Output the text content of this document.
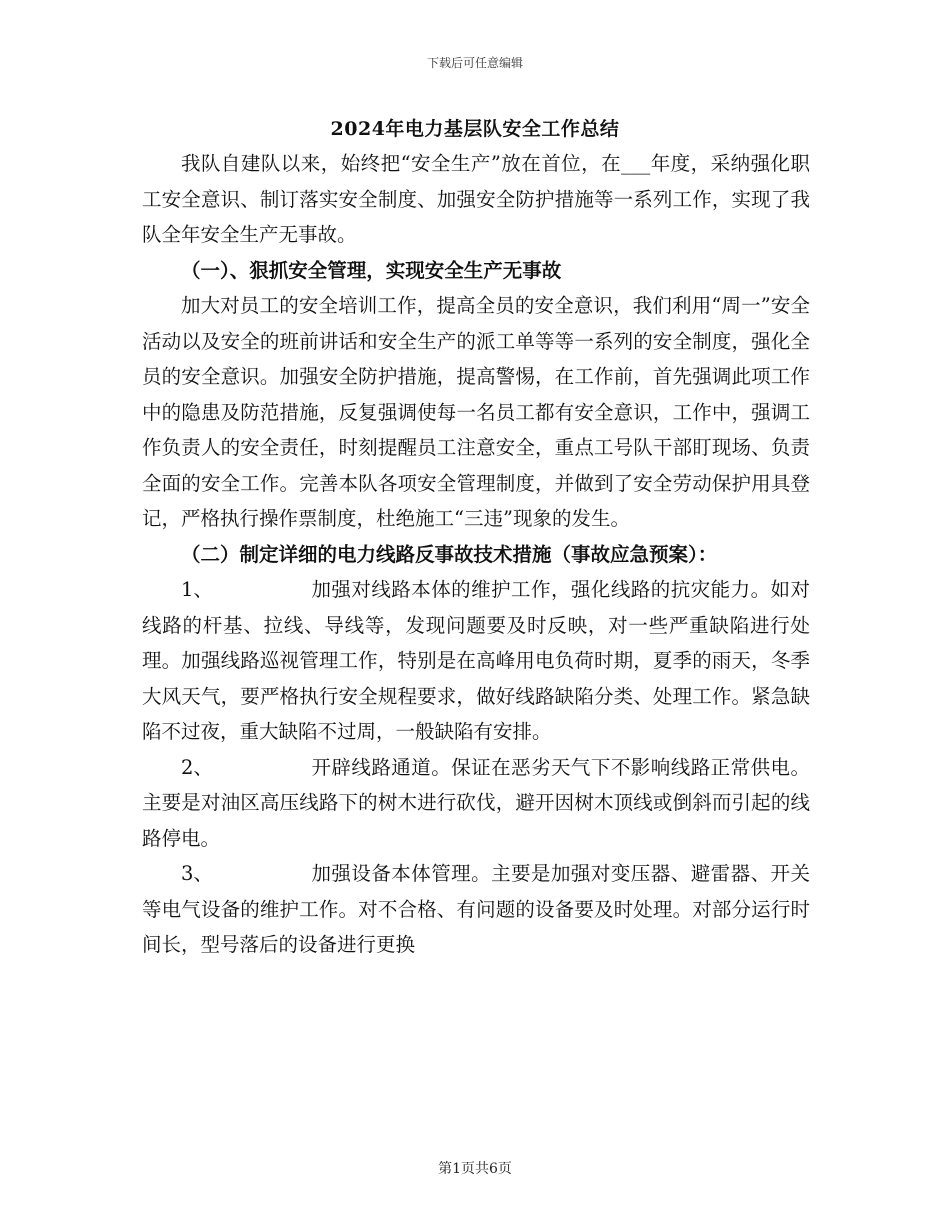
下载后可任意编辑
2024年电力基层队安全工作总结

我队自建队以来，始终把“安全生产”放在首位，在___年度，采纳强化职工安全意识、制订落实安全制度、加强安全防护措施等一系列工作，实现了我队全年安全生产无事故。

（一）、狠抓安全管理，实现安全生产无事故

加大对员工的安全培训工作，提高全员的安全意识，我们利用“周一”安全活动以及安全的班前讲话和安全生产的派工单等等一系列的安全制度，强化全员的安全意识。加强安全防护措施，提高警惕，在工作前，首先强调此项工作中的隐患及防范措施，反复强调使每一名员工都有安全意识，工作中，强调工作负责人的安全责任，时刻提醒员工注意安全，重点工号队干部盯现场、负责全面的安全工作。完善本队各项安全管理制度，并做到了安全劳动保护用具登记，严格执行操作票制度，杜绝施工“三违”现象的发生。

（二）制定详细的电力线路反事故技术措施（事故应急预案）：

1、	加强对线路本体的维护工作，强化线路的抗灾能力。如对线路的杆基、拉线、导线等，发现问题要及时反映，对一些严重缺陷进行处理。加强线路巡视管理工作，特别是在高峰用电负荷时期，夏季的雨天，冬季大风天气，要严格执行安全规程要求，做好线路缺陷分类、处理工作。紧急缺陷不过夜，重大缺陷不过周，一般缺陷有安排。

2、	开辟线路通道。保证在恶劣天气下不影响线路正常供电。主要是对油区高压线路下的树木进行砍伐，避开因树木顶线或倒斜而引起的线路停电。

3、	加强设备本体管理。主要是加强对变压器、避雷器、开关等电气设备的维护工作。对不合格、有问题的设备要及时处理。对部分运行时间长，型号落后的设备进行更换

第1页共6页
